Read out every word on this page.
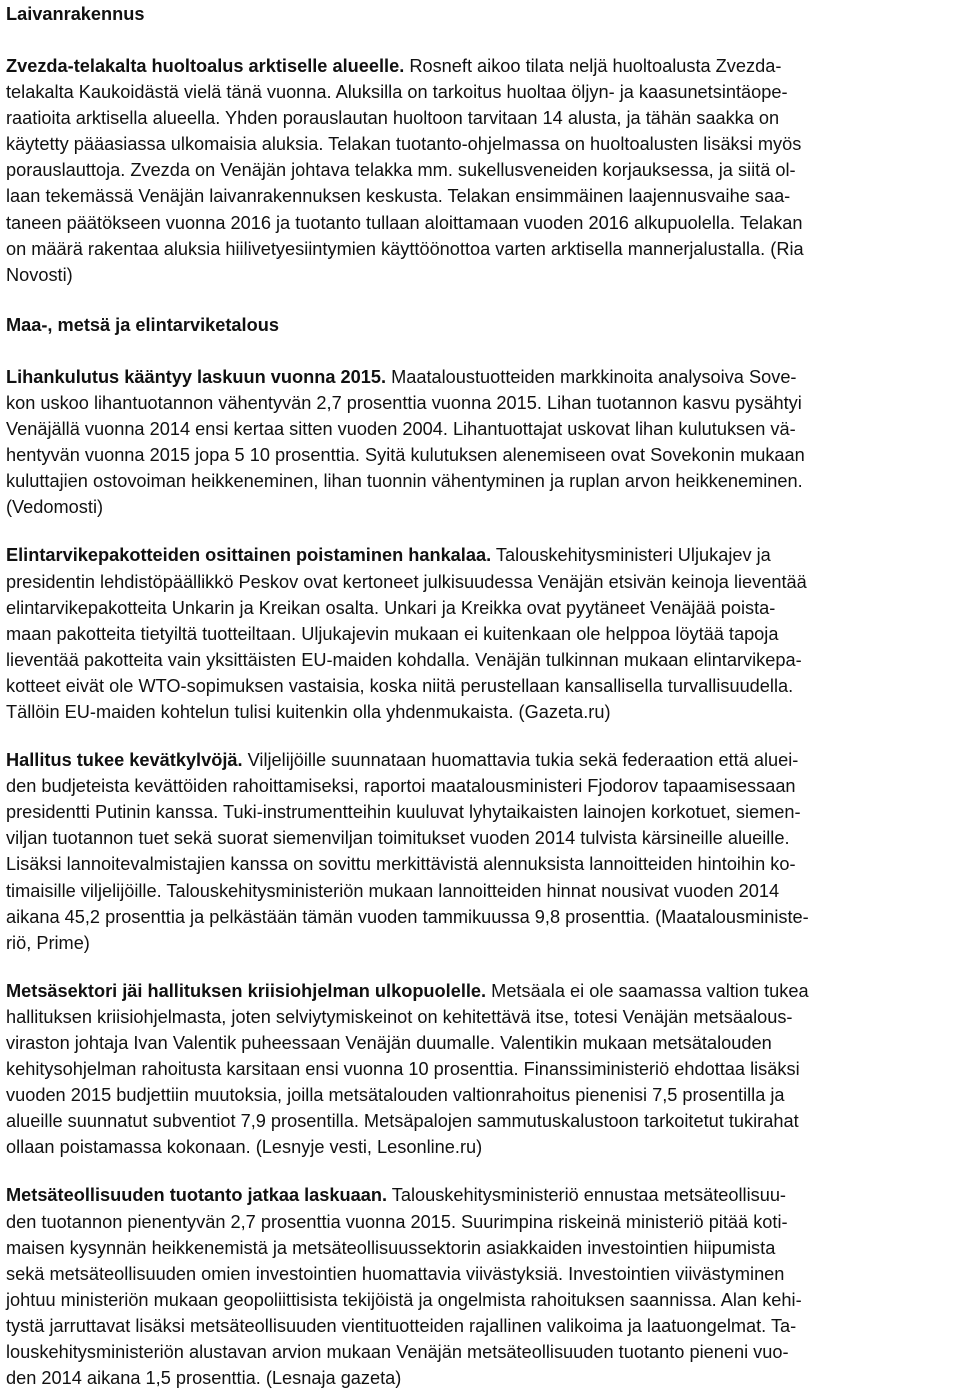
Laivanrakennus
Zvezda-telakalta huoltoalus arktiselle alueelle. Rosneft aikoo tilata neljä huoltoalusta Zvezda-
telakalta Kaukoidästä vielä tänä vuonna. Aluksilla on tarkoitus huoltaa öljyn- ja kaasunetsintäope-
raatioita arktisella alueella. Yhden porauslautan huoltoon tarvitaan 14 alusta, ja tähän saakka on
käytetty pääasiassa ulkomaisia aluksia. Telakan tuotanto-ohjelmassa on huoltoalusten lisäksi myös
porauslauttoja. Zvezda on Venäjän johtava telakka mm. sukellusveneiden korjauksessa, ja siitä ol-
laan tekemässä Venäjän laivanrakennuksen keskusta. Telakan ensimmäinen laajennusvaihe saa-
taneen päätökseen vuonna 2016 ja tuotanto tullaan aloittamaan vuoden 2016 alkupuolella. Telakan
on määrä rakentaa aluksia hiilivetyesiintymien käyttöönottoa varten arktisella mannerjalustalla. (Ria
Novosti)
Maa-, metsä ja elintarviketalous
Lihankulutus kääntyy laskuun vuonna 2015. Maataloustuotteiden markkinoita analysoiva Sove-
kon uskoo lihantuotannon vähentyvän 2,7 prosenttia vuonna 2015. Lihan tuotannon kasvu pysähtyi
Venäjällä vuonna 2014 ensi kertaa sitten vuoden 2004. Lihantuottajat uskovat lihan kulutuksen vä-
hentyvän vuonna 2015 jopa 5 10 prosenttia. Syitä kulutuksen alenemiseen ovat Sovekonin mukaan
kuluttajien ostovoiman heikkeneminen, lihan tuonnin vähentyminen ja ruplan arvon heikkeneminen.
(Vedomosti)
Elintarvikepakotteiden osittainen poistaminen hankalaa. Talouskehitysministeri Uljukajev ja
presidentin lehdistöpäällikkö Peskov ovat kertoneet julkisuudessa Venäjän etsivän keinoja lieventää
elintarvikepakotteita Unkarin ja Kreikan osalta. Unkari ja Kreikka ovat pyytäneet Venäjää poista-
maan pakotteita tietyiltä tuotteiltaan. Uljukajevin mukaan ei kuitenkaan ole helppoa löytää tapoja
lieventää pakotteita vain yksittäisten EU-maiden kohdalla. Venäjän tulkinnan mukaan elintarvikepa-
kotteet eivät ole WTO-sopimuksen vastaisia, koska niitä perustellaan kansallisella turvallisuudella.
Tällöin EU-maiden kohtelun tulisi kuitenkin olla yhdenmukaista. (Gazeta.ru)
Hallitus tukee kevätkylvöjä. Viljelijöille suunnataan huomattavia tukia sekä federaation että aluei-
den budjeteista kevättöiden rahoittamiseksi, raportoi maatalousministeri Fjodorov tapaamisessaan
presidentti Putinin kanssa. Tuki-instrumentteihin kuuluvat lyhytaikaisten lainojen korkotuet, siemen-
viljan tuotannon tuet sekä suorat siemenviljan toimitukset vuoden 2014 tulvista kärsineille alueille.
Lisäksi lannoitevalmistajien kanssa on sovittu merkittävistä alennuksista lannoitteiden hintoihin ko-
timaisille viljelijöille. Talouskehitysministeriön mukaan lannoitteiden hinnat nousivat vuoden 2014
aikana 45,2 prosenttia ja pelkästään tämän vuoden tammikuussa 9,8 prosenttia. (Maatalousministe-
riö, Prime)
Metsäsektori jäi hallituksen kriisiohjelman ulkopuolelle. Metsäala ei ole saamassa valtion tukea
hallituksen kriisiohjelmasta, joten selviytymiskeinot on kehitettävä itse, totesi Venäjän metsäalous-
viraston johtaja Ivan Valentik puheessaan Venäjän duumalle. Valentikin mukaan metsätalouden
kehitysohjelman rahoitusta karsitaan ensi vuonna 10 prosenttia. Finanssiministeriö ehdottaa lisäksi
vuoden 2015 budjettiin muutoksia, joilla metsätalouden valtionrahoitus pienenisi 7,5 prosentilla ja
alueille suunnatut subventiot 7,9 prosentilla. Metsäpalojen sammutuskalustoon tarkoitetut tukirahat
ollaan poistamassa kokonaan. (Lesnyje vesti, Lesonline.ru)
Metsäteollisuuden tuotanto jatkaa laskuaan. Talouskehitysministeriö ennustaa metsäteollisuu-
den tuotannon pienentyvän 2,7 prosenttia vuonna 2015. Suurimpina riskeinä ministeriö pitää koti-
maisen kysynnän heikkenemistä ja metsäteollisuussektorin asiakkaiden investointien hiipumista
sekä metsäteollisuuden omien investointien huomattavia viivästyksiä. Investointien viivästyminen
johtuu ministeriön mukaan geopoliittisista tekijöistä ja ongelmista rahoituksen saannissa. Alan kehi-
tystä jarruttavat lisäksi metsäteollisuuden vientituotteiden rajallinen valikoima ja laatuongelmat. Ta-
louskehitysministeriön alustavan arvion mukaan Venäjän metsäteollisuuden tuotanto pieneni vuo-
den 2014 aikana 1,5 prosenttia. (Lesnaja gazeta)
